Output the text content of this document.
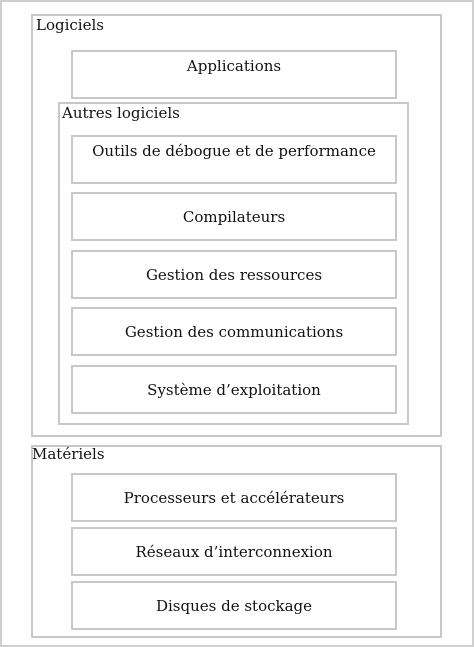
Logiciels
Applications
Autres logiciels
Outils de débogue et de performance
Compilateurs
Gestion des ressources
Gestion des communications
Système d’exploitation
Matériels
Processeurs et accélérateurs
Réseaux d’interconnexion
Disques de stockage
